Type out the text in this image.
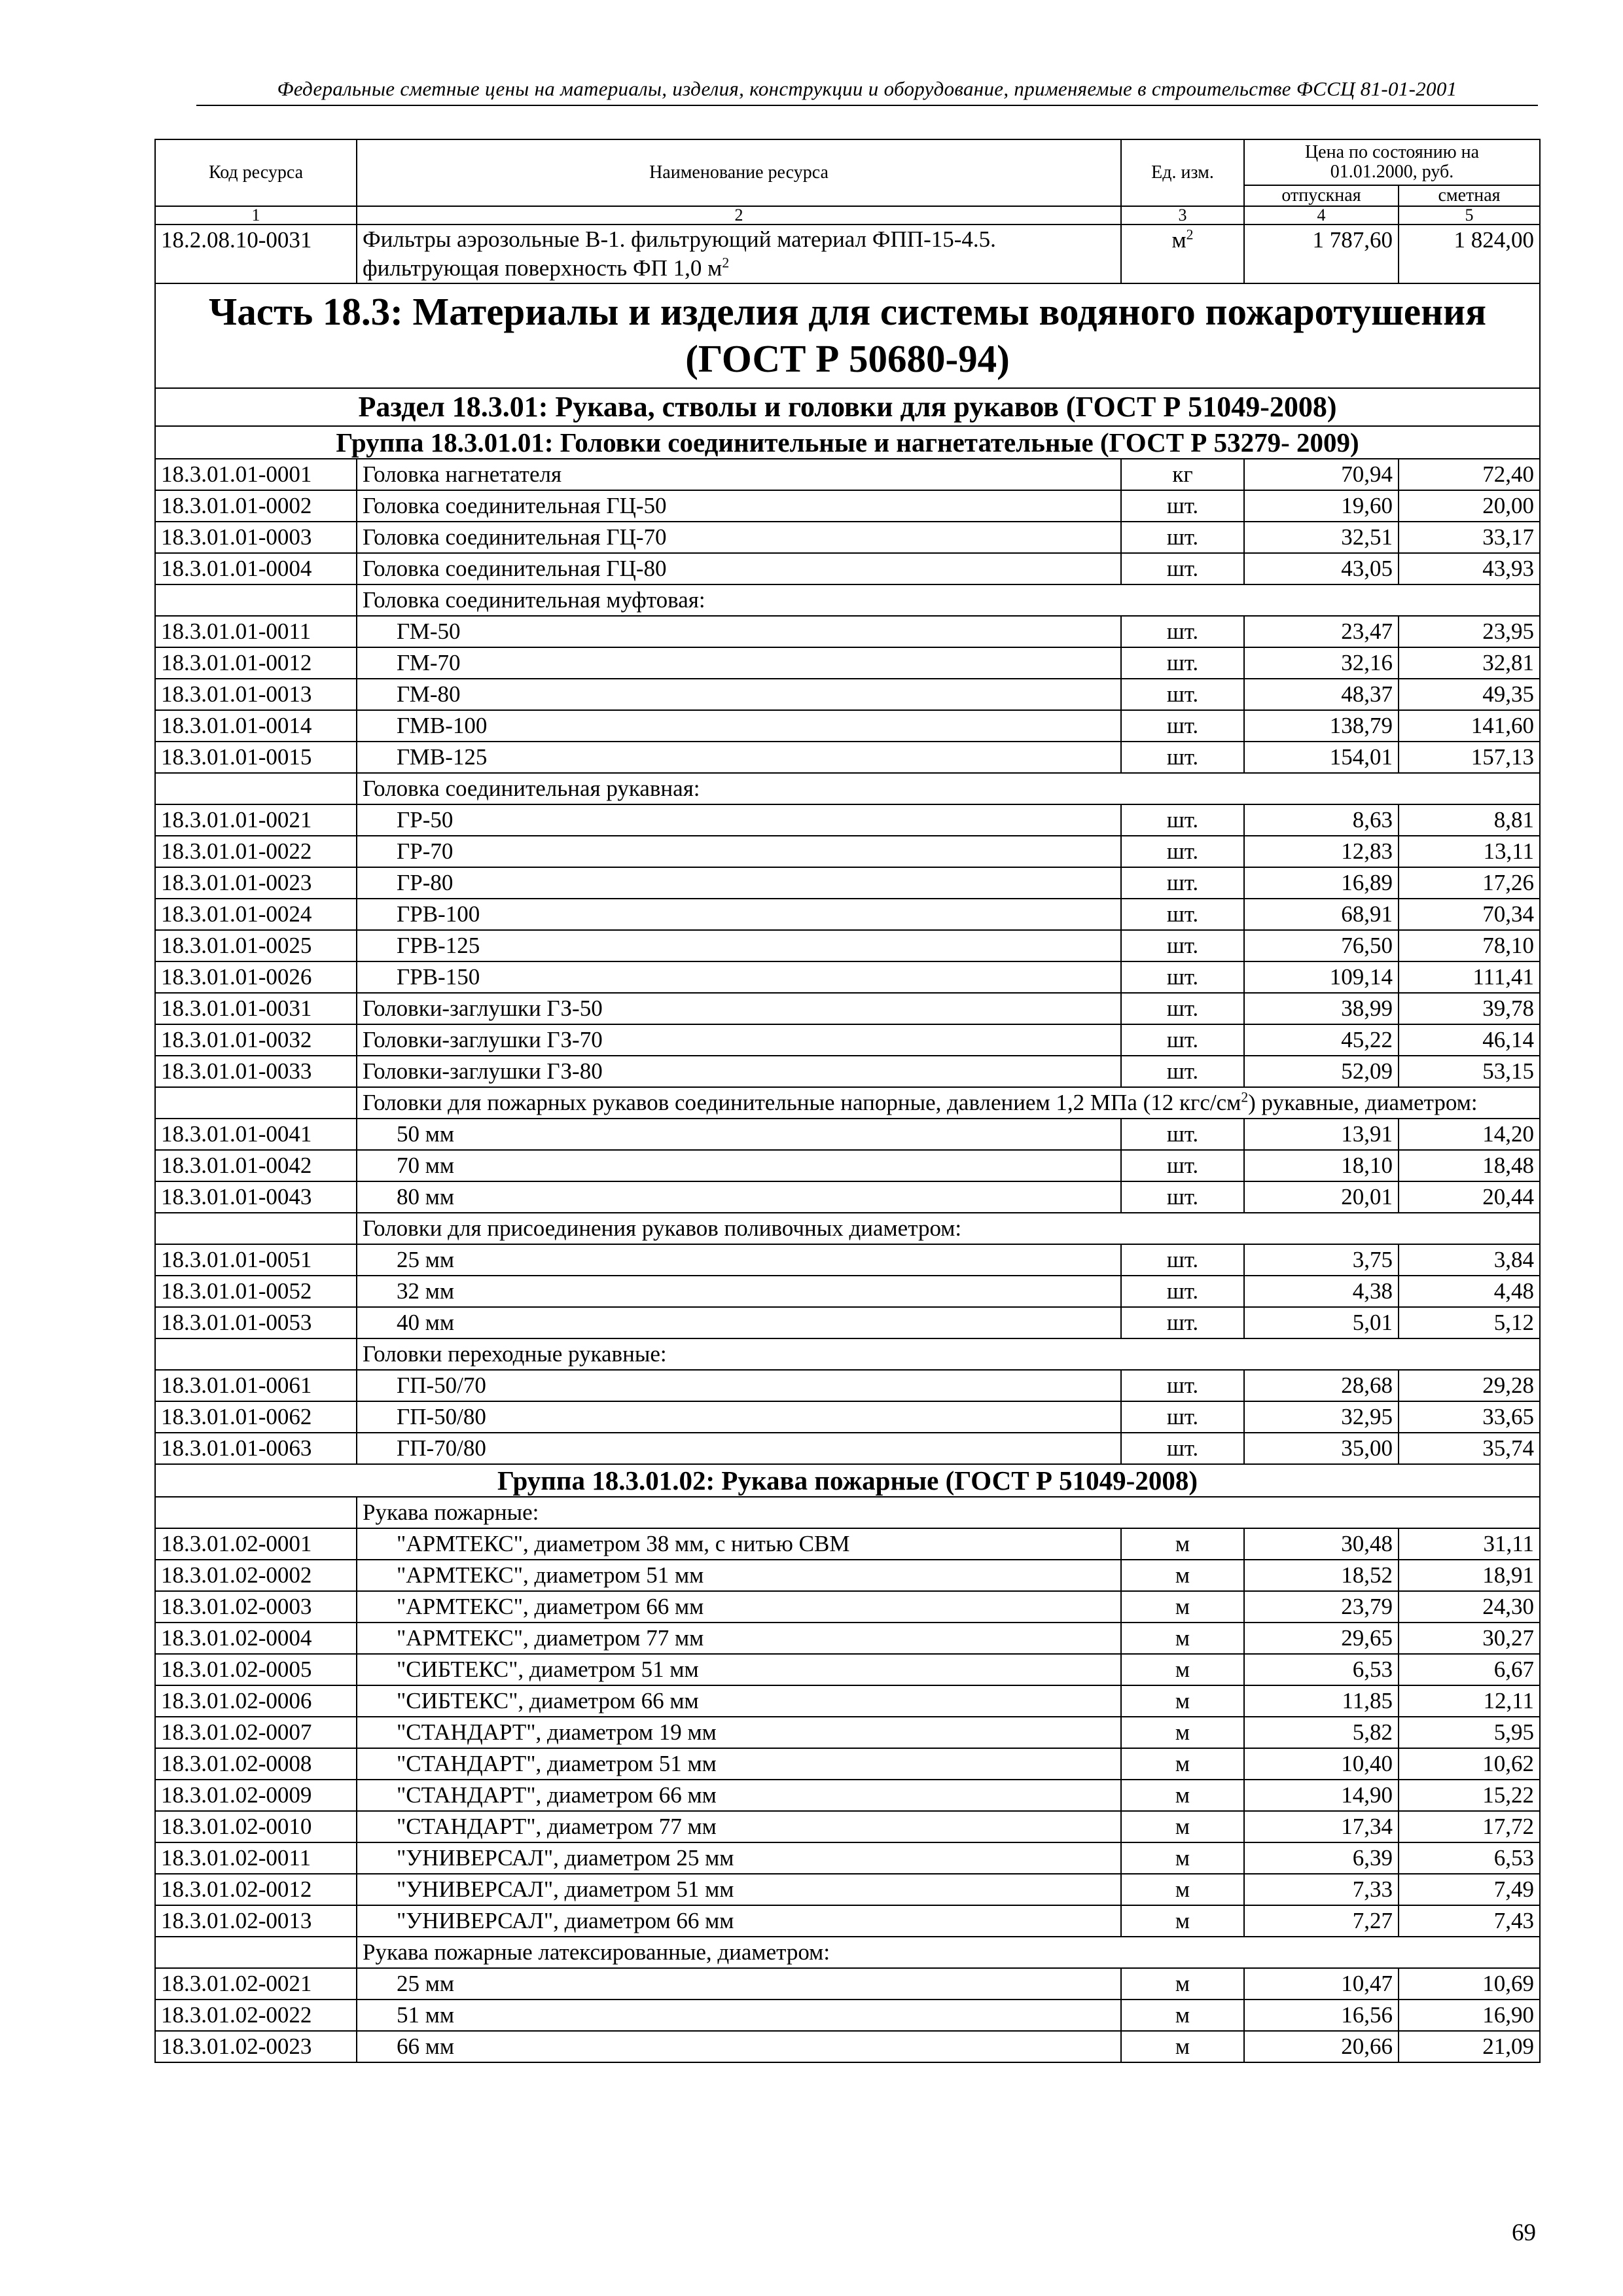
Федеральные сметные цены на материалы, изделия, конструкции и оборудование, применяемые в строительстве ФССЦ 81-01-2001
Код ресурса	Наименование ресурса	Ед. изм.	Цена по состоянию на 01.01.2000, руб.	
			отпускная	сметная
1	2	3	4	5
18.2.08.10-0031	Фильтры аэрозольные В-1. фильтрующий материал ФПП-15-4.5. фильтрующая поверхность ФП 1,0 $м^2$	$м^2$	1 787,60	1 824,00
Часть 18.3: Материалы и изделия для системы водяного пожаротушения (ГОСТ Р 50680-94)				
Раздел 18.3.01: Рукава, стволы и головки для рукавов (ГОСТ Р 51049-2008)				
Группа 18.3.01.01: Головки соединительные и нагнетательные (ГОСТ Р 53279- 2009)				
18.3.01.01-0001	Головка нагнетателя	кг	70,94	72,40
18.3.01.01-0002	Головка соединительная ГЦ-50	шт.	19,60	20,00
18.3.01.01-0003	Головка соединительная ГЦ-70	шт.	32,51	33,17
18.3.01.01-0004	Головка соединительная ГЦ-80	шт.	43,05	43,93
	Головка соединительная муфтовая:			
18.3.01.01-0011	ГМ-50	шт.	23,47	23,95
18.3.01.01-0012	ГМ-70	шт.	32,16	32,81
18.3.01.01-0013	ГМ-80	шт.	48,37	49,35
18.3.01.01-0014	ГМВ-100	шт.	138,79	141,60
18.3.01.01-0015	ГМВ-125	шт.	154,01	157,13
	Головка соединительная рукавная:			
18.3.01.01-0021	ГР-50	шт.	8,63	8,81
18.3.01.01-0022	ГР-70	шт.	12,83	13,11
18.3.01.01-0023	ГР-80	шт.	16,89	17,26
18.3.01.01-0024	ГРВ-100	шт.	68,91	70,34
18.3.01.01-0025	ГРВ-125	шт.	76,50	78,10
18.3.01.01-0026	ГРВ-150	шт.	109,14	111,41
18.3.01.01-0031	Головки-заглушки ГЗ-50	шт.	38,99	39,78
18.3.01.01-0032	Головки-заглушки ГЗ-70	шт.	45,22	46,14
18.3.01.01-0033	Головки-заглушки ГЗ-80	шт.	52,09	53,15
	Головки для пожарных рукавов соединительные напорные, давлением 1,2 МПа (12 кгс/$см^2$) рукавные, диаметром:			
18.3.01.01-0041	50 мм	шт.	13,91	14,20
18.3.01.01-0042	70 мм	шт.	18,10	18,48
18.3.01.01-0043	80 мм	шт.	20,01	20,44
	Головки для присоединения рукавов поливочных диаметром:			
18.3.01.01-0051	25 мм	шт.	3,75	3,84
18.3.01.01-0052	32 мм	шт.	4,38	4,48
18.3.01.01-0053	40 мм	шт.	5,01	5,12
	Головки переходные рукавные:			
18.3.01.01-0061	ГП-50/70	шт.	28,68	29,28
18.3.01.01-0062	ГП-50/80	шт.	32,95	33,65
18.3.01.01-0063	ГП-70/80	шт.	35,00	35,74
Группа 18.3.01.02: Рукава пожарные (ГОСТ Р 51049-2008)				
	Рукава пожарные:			
18.3.01.02-0001	"АРМТЕКС", диаметром 38 мм, с нитью СВМ	м	30,48	31,11
18.3.01.02-0002	"АРМТЕКС", диаметром 51 мм	м	18,52	18,91
18.3.01.02-0003	"АРМТЕКС", диаметром 66 мм	м	23,79	24,30
18.3.01.02-0004	"АРМТЕКС", диаметром 77 мм	м	29,65	30,27
18.3.01.02-0005	"СИБТЕКС", диаметром 51 мм	м	6,53	6,67
18.3.01.02-0006	"СИБТЕКС", диаметром 66 мм	м	11,85	12,11
18.3.01.02-0007	"СТАНДАРТ", диаметром 19 мм	м	5,82	5,95
18.3.01.02-0008	"СТАНДАРТ", диаметром 51 мм	м	10,40	10,62
18.3.01.02-0009	"СТАНДАРТ", диаметром 66 мм	м	14,90	15,22
18.3.01.02-0010	"СТАНДАРТ", диаметром 77 мм	м	17,34	17,72
18.3.01.02-0011	"УНИВЕРСАЛ", диаметром 25 мм	м	6,39	6,53
18.3.01.02-0012	"УНИВЕРСАЛ", диаметром 51 мм	м	7,33	7,49
18.3.01.02-0013	"УНИВЕРСАЛ", диаметром 66 мм	м	7,27	7,43
	Рукава пожарные латексированные, диаметром:			
18.3.01.02-0021	25 мм	м	10,47	10,69
18.3.01.02-0022	51 мм	м	16,56	16,90
18.3.01.02-0023	66 мм	м	20,66	21,09
69
